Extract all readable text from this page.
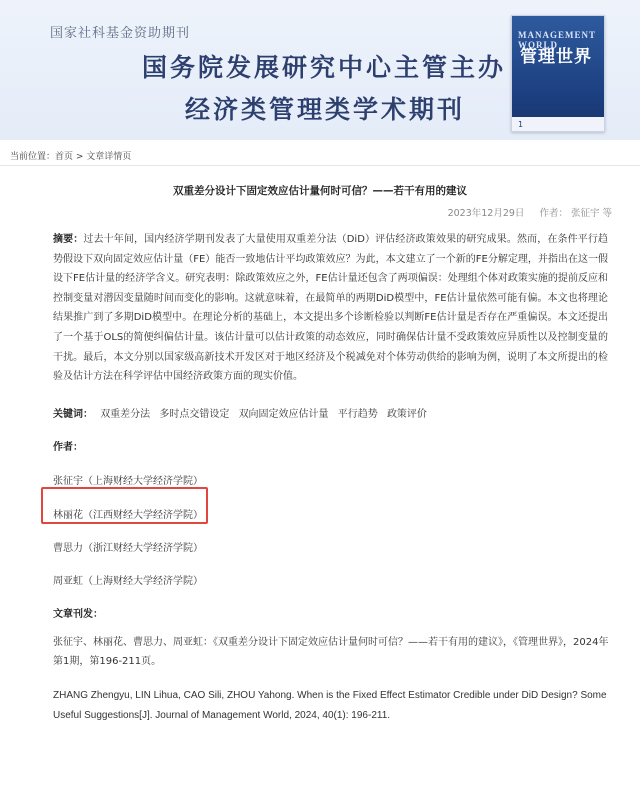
国家社科基金资助期刊
国务院发展研究中心主管主办
经济类管理类学术期刊
MANAGEMENT WORLD
管理世界
1
当前位置：首页 > 文章详情页
双重差分设计下固定效应估计量何时可信？——若干有用的建议
2023年12月29日 作者： 张征宇 等
摘要：过去十年间，国内经济学期刊发表了大量使用双重差分法（DiD）评估经济政策效果的研究成果。然而，在条件平行趋势假设下双向固定效应估计量（FE）能否一致地估计平均政策效应？为此，本文建立了一个新的FE分解定理，并指出在这一假设下FE估计量的经济学含义。研究表明：除政策效应之外，FE估计量还包含了两项偏误：处理组个体对政策实施的提前反应和控制变量对潜因变量随时间而变化的影响。这就意味着，在最简单的两期DiD模型中，FE估计量依然可能有偏。本文也将理论结果推广到了多期DiD模型中。在理论分析的基础上，本文提出多个诊断检验以判断FE估计量是否存在严重偏误。本文还提出了一个基于OLS的简便纠偏估计量。该估计量可以估计政策的动态效应，同时确保估计量不受政策效应异质性以及控制变量的干扰。最后，本文分别以国家级高新技术开发区对于地区经济及个税减免对个体劳动供给的影响为例，说明了本文所提出的检验及估计方法在科学评估中国经济政策方面的现实价值。
关键词： 双重差分法 多时点交错设定 双向固定效应估计量 平行趋势 政策评价
作者：
张征宇（上海财经大学经济学院）
林丽花（江西财经大学经济学院）
曹思力（浙江财经大学经济学院）
周亚虹（上海财经大学经济学院）
文章刊发：
张征宇、林丽花、曹思力、周亚虹：《双重差分设计下固定效应估计量何时可信？——若干有用的建议》，《管理世界》，2024年第1期，第196-211页。
ZHANG Zhengyu, LIN Lihua, CAO Sili, ZHOU Yahong. When is the Fixed Effect Estimator Credible under DiD Design? Some Useful Suggestions[J]. Journal of Management World, 2024, 40(1): 196-211.
